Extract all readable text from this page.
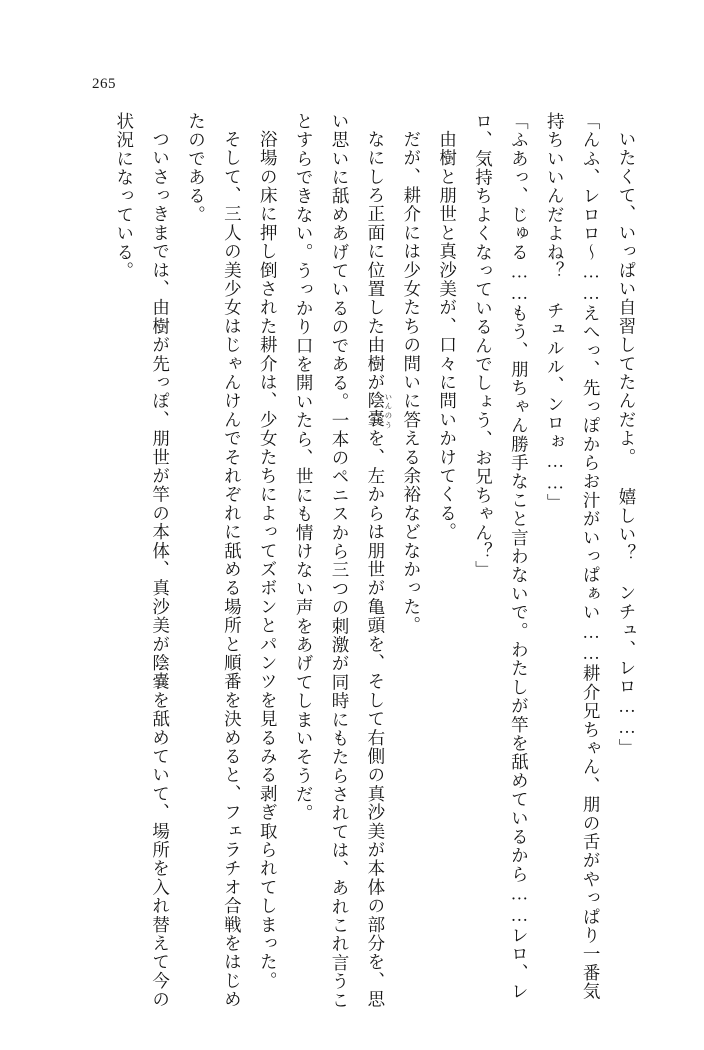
265

いたくて、いっぱい自習してたんだよ。 嬉しい？ ンチュ、レロ……」

「んふ、レロロ～……えへっ、先っぽからお汁がいっぱぁい……耕介兄ちゃん、朋の舌がやっぱり一番気持ちいいんだよね？ チュルル、ンロぉ……」

「ふあっ、じゅる……もう、朋ちゃん勝手なこと言わないで。わたしが竿を舐めているから……レロ、レロ、気持ちよくなっているんでしょう、お兄ちゃん？」

由樹と朋世と真沙美が、口々に問いかけてくる。

だが、耕介には少女たちの問いに答える余裕などなかった。

なにしろ正面に位置した由樹が陰嚢いんのうを、左からは朋世が亀頭を、そして右側の真沙美が本体の部分を、思い思いに舐めあげているのである。一本のペニスから三つの刺激が同時にもたらされては、あれこれ言うことすらできない。うっかり口を開いたら、世にも情けない声をあげてしまいそうだ。

浴場の床に押し倒された耕介は、少女たちによってズボンとパンツを見るみる剥ぎ取られてしまった。

そして、三人の美少女はじゃんけんでそれぞれに舐める場所と順番を決めると、フェラチオ合戦をはじめたのである。

ついさっきまでは、由樹が先っぽ、朋世が竿の本体、真沙美が陰嚢を舐めていて、場所を入れ替えて今の状況になっている。
